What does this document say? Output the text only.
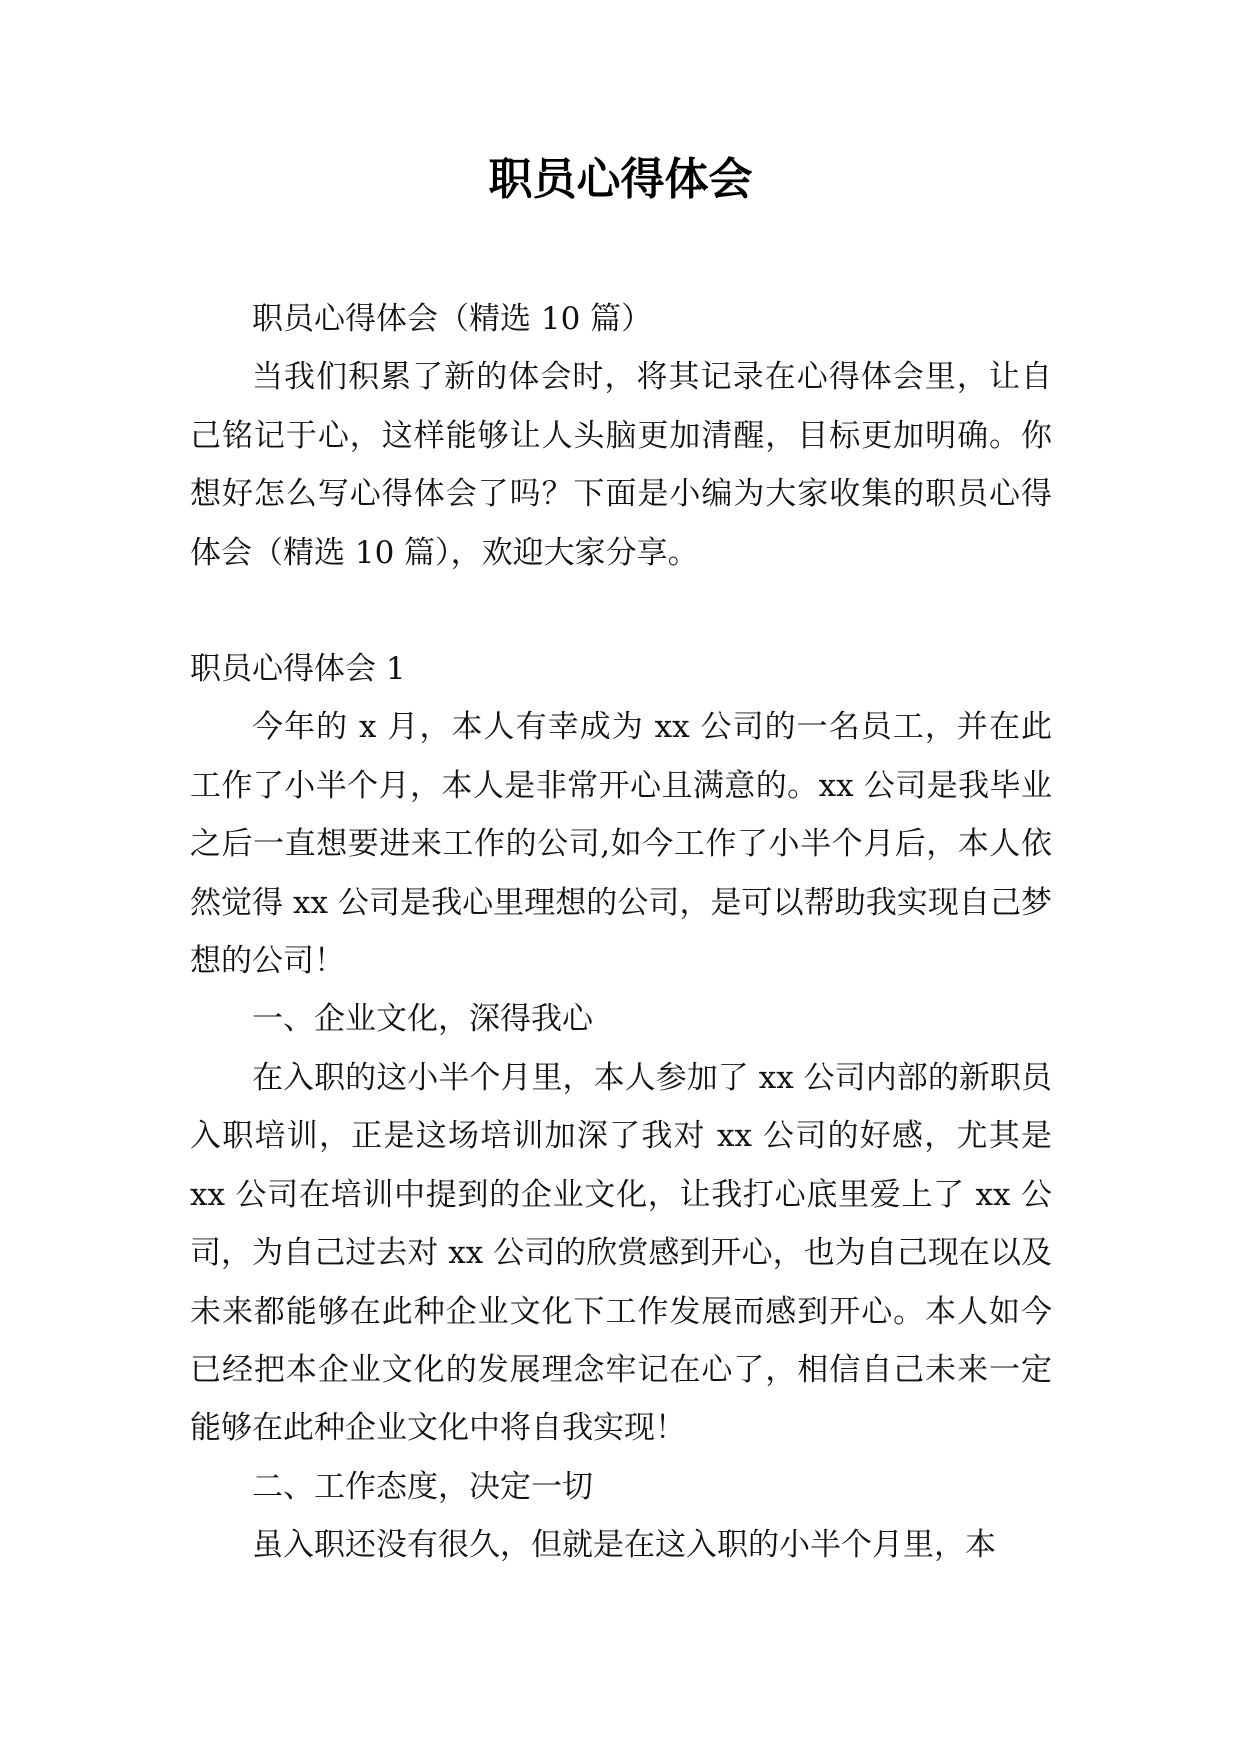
职员心得体会

职员心得体会（精选 10 篇）

当我们积累了新的体会时，将其记录在心得体会里，让自己铭记于心，这样能够让人头脑更加清醒，目标更加明确。你想好怎么写心得体会了吗？下面是小编为大家收集的职员心得体会（精选 10 篇），欢迎大家分享。

职员心得体会 1

今年的 x 月，本人有幸成为 xx 公司的一名员工，并在此工作了小半个月，本人是非常开心且满意的。xx 公司是我毕业之后一直想要进来工作的公司,如今工作了小半个月后，本人依然觉得 xx 公司是我心里理想的公司，是可以帮助我实现自己梦想的公司！

一、企业文化，深得我心

在入职的这小半个月里，本人参加了 xx 公司内部的新职员入职培训，正是这场培训加深了我对 xx 公司的好感，尤其是 xx 公司在培训中提到的企业文化，让我打心底里爱上了 xx 公司，为自己过去对 xx 公司的欣赏感到开心，也为自己现在以及未来都能够在此种企业文化下工作发展而感到开心。本人如今已经把本企业文化的发展理念牢记在心了，相信自己未来一定能够在此种企业文化中将自我实现！

二、工作态度，决定一切

虽入职还没有很久，但就是在这入职的小半个月里，本
